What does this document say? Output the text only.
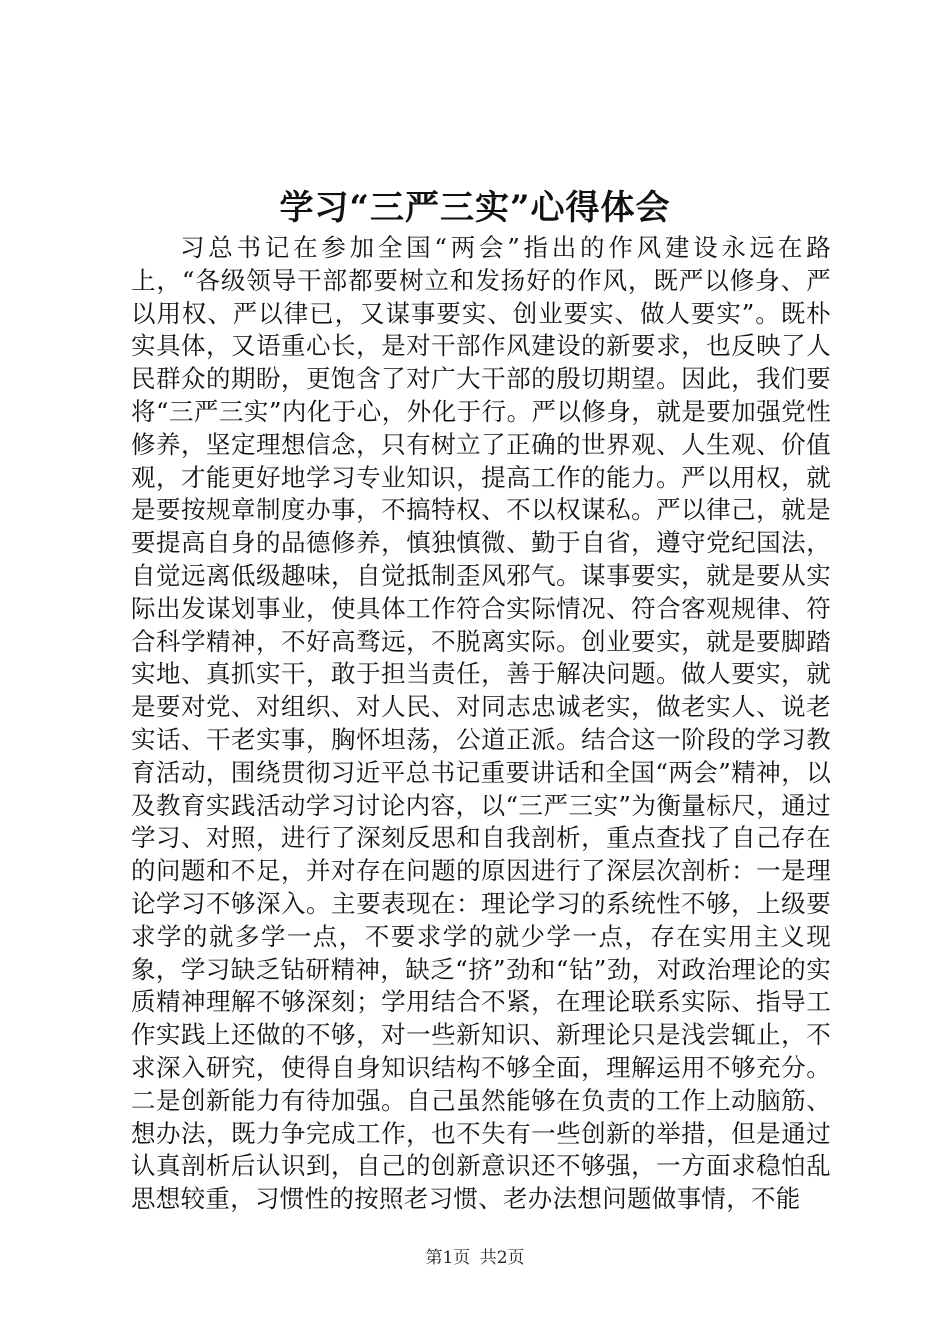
学习“三严三实”心得体会

习总书记在参加全国“两会”指出的作风建设永远在路上，“各级领导干部都要树立和发扬好的作风，既严以修身、严以用权、严以律已，又谋事要实、创业要实、做人要实”。既朴实具体，又语重心长，是对干部作风建设的新要求，也反映了人民群众的期盼，更饱含了对广大干部的殷切期望。因此，我们要将“三严三实”内化于心，外化于行。严以修身，就是要加强党性修养，坚定理想信念，只有树立了正确的世界观、人生观、价值观，才能更好地学习专业知识，提高工作的能力。严以用权，就是要按规章制度办事，不搞特权、不以权谋私。严以律己，就是要提高自身的品德修养，慎独慎微、勤于自省，遵守党纪国法，自觉远离低级趣味，自觉抵制歪风邪气。谋事要实，就是要从实际出发谋划事业，使具体工作符合实际情况、符合客观规律、符合科学精神，不好高骛远，不脱离实际。创业要实，就是要脚踏实地、真抓实干，敢于担当责任，善于解决问题。做人要实，就是要对党、对组织、对人民、对同志忠诚老实，做老实人、说老实话、干老实事，胸怀坦荡，公道正派。结合这一阶段的学习教育活动，围绕贯彻习近平总书记重要讲话和全国“两会”精神，以及教育实践活动学习讨论内容，以“三严三实”为衡量标尺，通过学习、对照，进行了深刻反思和自我剖析，重点查找了自己存在的问题和不足，并对存在问题的原因进行了深层次剖析：一是理论学习不够深入。主要表现在：理论学习的系统性不够，上级要求学的就多学一点，不要求学的就少学一点，存在实用主义现象，学习缺乏钻研精神，缺乏“挤”劲和“钻”劲，对政治理论的实质精神理解不够深刻；学用结合不紧，在理论联系实际、指导工作实践上还做的不够，对一些新知识、新理论只是浅尝辄止，不求深入研究，使得自身知识结构不够全面，理解运用不够充分。二是创新能力有待加强。自己虽然能够在负责的工作上动脑筋、想办法，既力争完成工作，也不失有一些创新的举措，但是通过认真剖析后认识到，自己的创新意识还不够强，一方面求稳怕乱思想较重，习惯性的按照老习惯、老办法想问题做事情，不能

第1页 共2页
